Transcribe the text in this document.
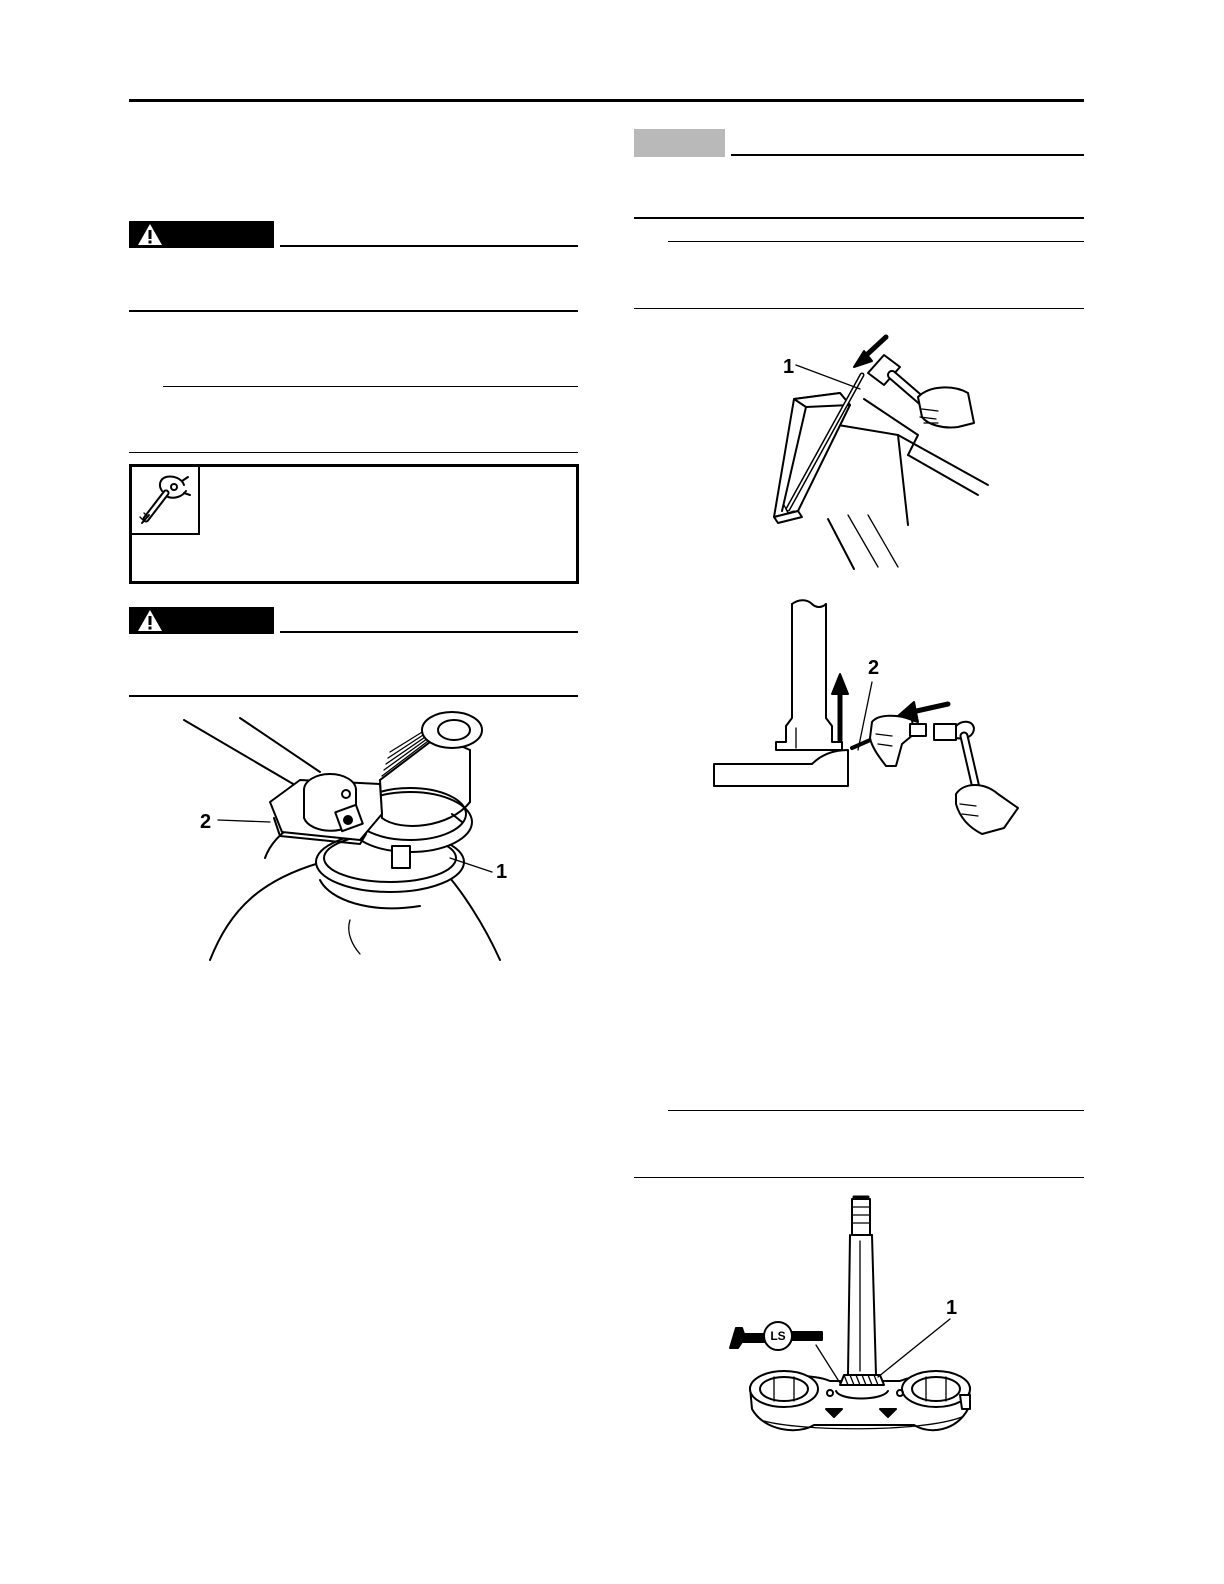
2
1
1
2
1
LS
